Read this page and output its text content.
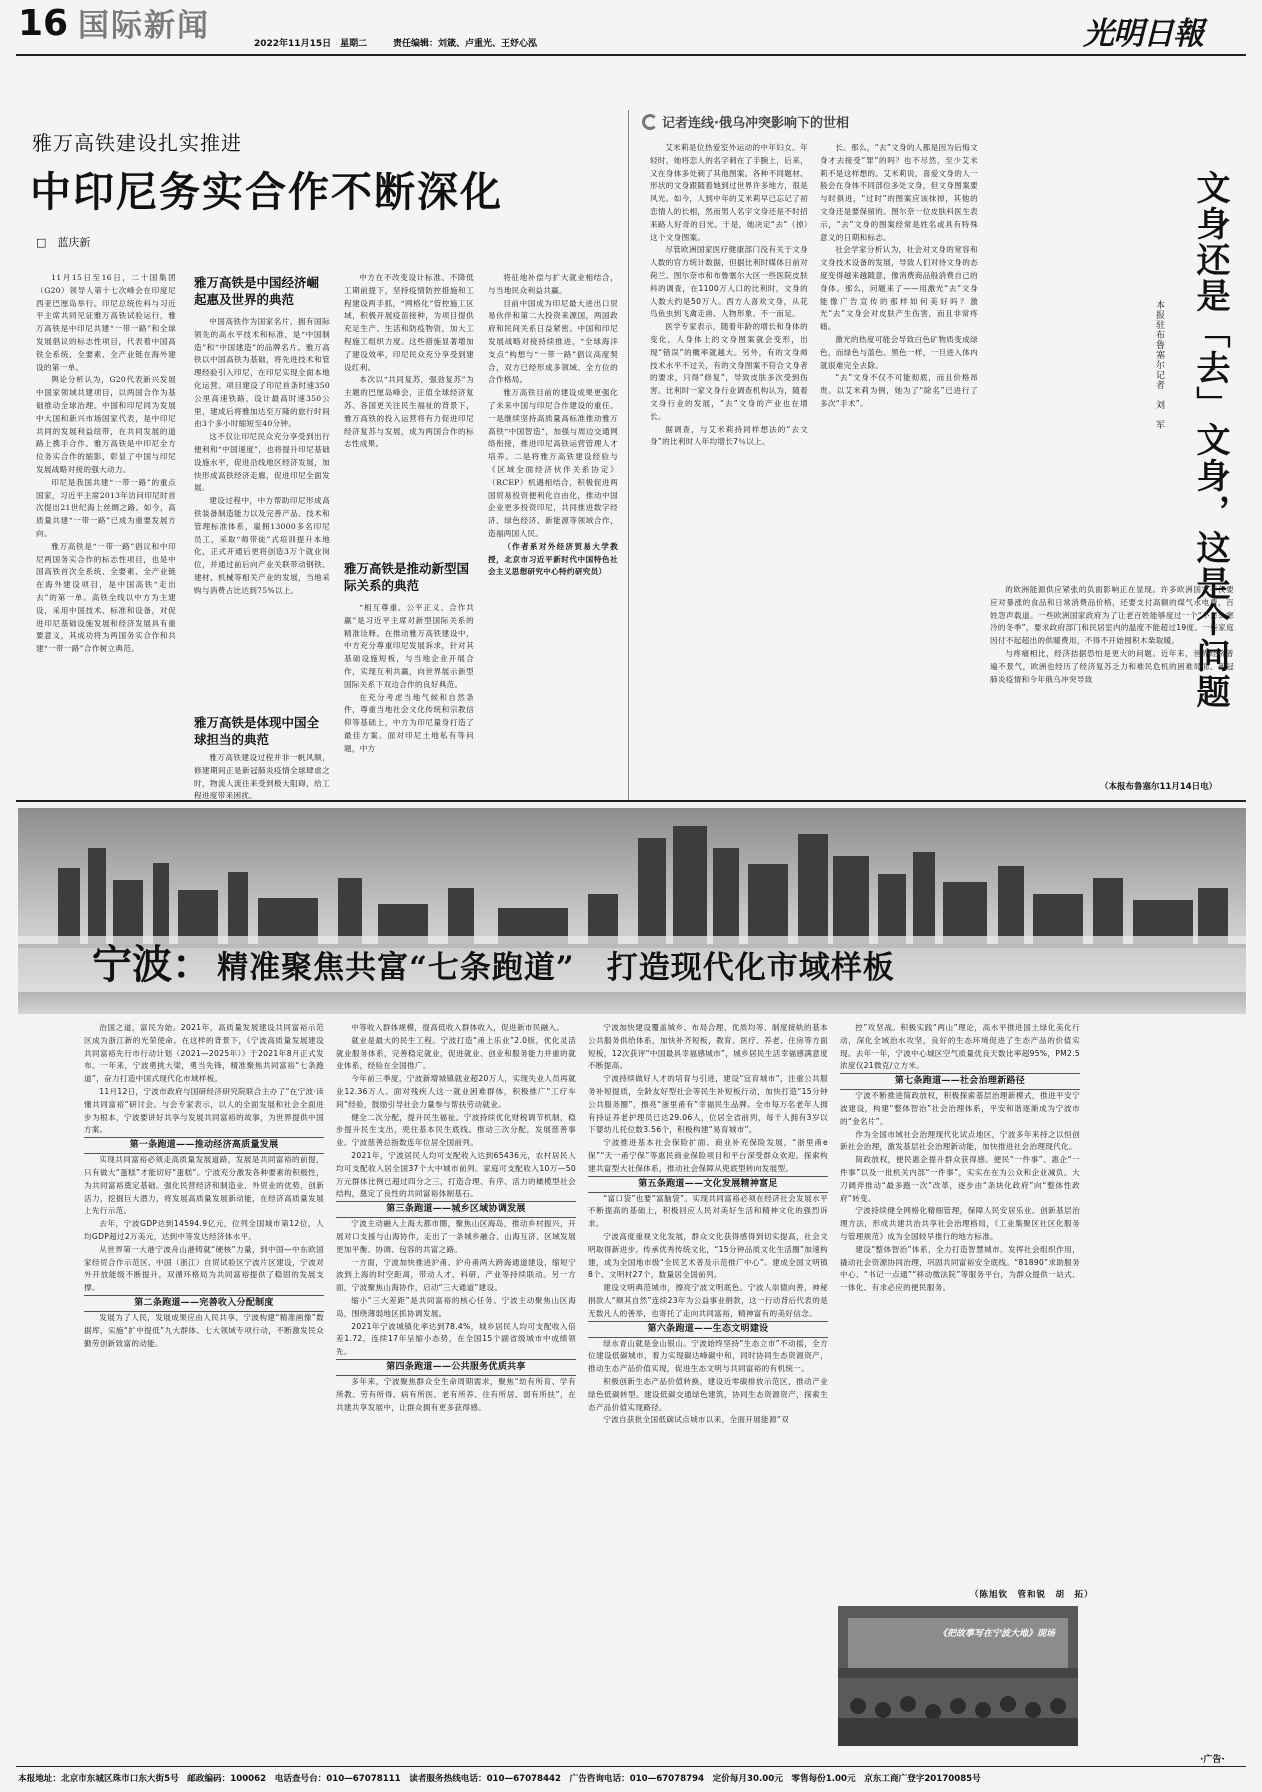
16 国际新闻	2022年11月15日　星期二	责任编辑：刘箴、卢重光、王妤心泓	光明日報
雅万高铁建设扎实推进
中印尼务实合作不断深化
□　蓝庆新

11月15日至16日，二十国集团（G20）领导人第十七次峰会在印度尼西亚巴厘岛举行。印尼总统佐科与习近平主席共同见证雅万高铁试验运行，雅万高铁是中印尼共建“一带一路”和全球发展倡议的标志性项目，代表着中国高铁全系统、全要素、全产业链在海外建设的第一单。

舆论分析认为，G20代表新兴发展中国家领域共建项目，以两国合作为基础推动全球治理。中国和印尼同为发展中大国和新兴市场国家代表，是中印尼共同的发展利益纽带，在共同发展的道路上携手合作。雅万高铁是中印尼全方位务实合作的缩影，彰显了中国与印尼发展战略对接的强大动力。

印尼是我国共建“一带一路”的重点国家，习近平主席2013年访问印尼时首次提出21世纪海上丝绸之路。如今，高质量共建“一带一路”已成为重要发展方向。

雅万高铁是“一带一路”倡议和中印尼两国务实合作的标志性项目，也是中国高铁首次全系统、全要素、全产业链在海外建设项目，是中国高铁“走出去”的第一单。高铁全线以中方为主建设，采用中国技术、标准和设备，对促进印尼基础设施发展和经济发展具有重要意义，其成功将为两国务实合作和共建“一带一路”合作树立典范。

雅万高铁是中国经济崛起惠及世界的典范

中国高铁作为国家名片，拥有国际领先的高水平技术和标准，是“中国制造”和“中国建造”的品牌名片。雅万高铁以中国高铁为基础，将先进技术和管理经验引入印尼，在印尼实现全面本地化运营。项目建设了印尼首条时速350公里高速铁路，设计最高时速350公里，建成后将雅加达至万隆的旅行时间由3个多小时缩短至40分钟。

这不仅让印尼民众充分享受到出行便利和“中国速度”，也将提升印尼基础设施水平，促进沿线地区经济发展，加快形成高铁经济走廊，促进印尼全面发展。

建设过程中，中方帮助印尼形成高铁装备制造能力以及完善产品、技术和管理标准体系，雇佣13000多名印尼员工，采取“师带徒”式培训提升本地化，正式开通后更将创造3万个就业岗位，并通过前后向产业关联带动钢铁、建材、机械等相关产业的发展，当地采购与消费占比达到75%以上。

雅万高铁是体现中国全球担当的典范

雅万高铁建设过程并非一帆风顺，修建期间正是新冠肺炎疫情全球肆虐之时，物流人流往来受到极大阻碍，给工程进度带来困扰。

中方在不改变设计标准、不降低工期前提下，坚持疫情防控措施和工程建设两手抓，“网格化”管控施工区域，积极开展疫苗接种，为项目提供充足生产、生活和防疫物资，加大工程施工组织力度。这些措施显著增加了建设效率，印尼民众充分享受到建设红利。

本次以“共同复苏，强劲复苏”为主题的巴厘岛峰会，正值全球经济复苏、各国更关注民生福祉的背景下，雅万高铁的投入运营将有力促进印尼经济复苏与发展，成为两国合作的标志性成果。

雅万高铁是推动新型国际关系的典范

“相互尊重、公平正义、合作共赢”是习近平主席对新型国际关系的精准诠释。在推动雅万高铁建设中，中方充分尊重印尼发展诉求，针对其基础设施短板，与当地企业开展合作，实现互利共赢，向世界展示新型国际关系下双边合作的良好典范。

在充分考虑当地气候和自然条件，尊重当地社会文化传统和宗教信仰等基础上，中方为印尼量身打造了最佳方案。面对印尼土地私有等问题，中方

将征地补偿与扩大就业相结合，与当地民众利益共赢。

目前中国成为印尼最大进出口贸易伙伴和第二大投资来源国，两国政府和民间关系日益紧密。中国和印尼发展战略对接持续推进，“全球海洋支点”构想与“一带一路”倡议高度契合，双方已经形成多领域、全方位的合作格局。

雅万高铁目前的建设成果更强化了未来中国与印尼合作建设的重任。一是继续坚持高质量高标准推动雅万高铁“中国智造”，加强与周边交通网络衔接，推进印尼高铁运营管理人才培养。二是将雅万高铁建设经验与《区域全面经济伙伴关系协定》（RCEP）机遇相结合，积极促进两国贸易投资便利化自由化，推动中国企业更多投资印尼，共同推进数字经济、绿色经济、新能源等领域合作，造福两国人民。

（作者系对外经济贸易大学教授，北京市习近平新时代中国特色社会主义思想研究中心特约研究员）

记者连线·俄乌冲突影响下的世相

艾米莉是位热爱室外运动的中年妇女。年轻时，她将恋人的名字刺在了手腕上，后来，又在身体多处刺了其他图案。各种不同题材、形状的文身跟随着她到过世界许多地方，很是风光。如今，人到中年的艾米莉早已忘记了初恋情人的长相，然而男人名字文身还是不时招来路人好奇的目光。于是，她决定“去”（掉）这个文身图案。

尽管欧洲国家医疗健康部门没有关于文身人数的官方统计数据，但据比利时媒体日前对荷兰、图尔奈市和布鲁塞尔大区一些医院皮肤科的调查，在1100万人口的比利时，文身的人数大约是50万人。西方人喜欢文身，从花鸟鱼虫到飞禽走兽、人物形象、不一而足。

医学专家表示，随着年龄的增长和身体的变化，人身体上的文身图案就会变形，出现“错误”的概率就越大。另外，有的文身师技术水平不过关，有的文身图案不符合文身者的要求，只得“修复”，导致皮肤多次受到伤害。比利时一家文身行业调查机构认为，随着文身行业的发展，“去”文身的产业也在增长。

据调查，与艾米莉持同样想法的“去文身”的比利时人年均增长7％以上。

长。那么，“去”文身的人都是因为后悔文身才去接受“罪”的吗？也不尽然，至少艾米莉不是这样想的。艾米莉说，喜爱文身的人一般会在身体不同部位多处文身，但文身图案要与时俱进，“过时”的图案应该抹掉，其他的文身还是要保留的。图尔奈一位皮肤科医生表示，“去”文身的图案经常是姓名或具有特殊意义的日期和标志。

社会学家分析认为，社会对文身的宽容和文身技术设备的发展，导致人们对待文身的态度变得越来越随意，像消费商品般消费自己的身体。那么，问题来了——用激光“去”文身能像广告宣传的那样如何美好吗？激光“去”文身会对皮肤产生伤害，而且非常疼痛。

激光的热度可能会导致白色矿物质变成绿色，而绿色与蓝色、黑色一样，一旦进入体内就很难完全去除。

“去”文身不仅不可能彻底，而且价格昂贵。以艾米莉为例，她为了“除名”已进行了多次“手术”。	文身还是「去」文身，这是个问题
本报驻布鲁塞尔记者　刘　军

的欧洲能源供应紧张的负面影响正在显现。许多欧洲国家不仅要应对暴涨的食品和日常消费品价格，还要支付高额的煤气水电费，百姓怨声载道。一些欧洲国家政府为了让老百姓能够度过一个“不怎么寒冷的冬季”，要求政府部门和民居室内的温度不能超过19度。一些家庭因付不起超出的供暖费用，不得不开始囤积木柴取暖。

与疼痛相比，经济拮据恐怕是更大的问题。近年来，世界经济普遍不景气，欧洲也经历了经济复苏乏力和难民危机的困难局面。新冠肺炎疫情和今年俄乌冲突导致

（本报布鲁塞尔11月14日电）
宁波： 精准聚焦共富“七条跑道”　打造现代化市域样板

治国之道，富民为始。2021年，高质量发展建设共同富裕示范区成为浙江新的光荣使命。在这样的背景下，《宁波高质量发展建设共同富裕先行市行动计划（2021—2025年）》于2021年8月正式发布。一年来，宁波勇挑大梁，勇当先锋，精准聚焦共同富裕“七条跑道”，奋力打造中国式现代化市域样板。

11月12日，宁波市政府与国研经济研究院联合主办了“在宁波·读懂共同富裕”研讨会。与会专家表示，以人的全面发展和社会全面进步为根本，宁波要讲好共享与发展共同富裕的故事，为世界提供中国方案。

第一条跑道——推动经济高质量发展

实现共同富裕必须走高质量发展道路，发展是共同富裕的前提，只有做大“蛋糕”才能切好“蛋糕”。宁波充分激发各种要素的积极性，为共同富裕奠定基础。强化民营经济和制造业、外贸业的优势，创新活力，挖掘巨大潜力，将发展高质量发展新动能，在经济高质量发展上先行示范。

去年，宁波GDP达到14594.9亿元，位列全国城市第12位，人均GDP超过2万美元，达到中等发达经济体水平。

从世界第一大港宁波舟山港铸就“硬核”力量，到中国—中东欧国家经贸合作示范区、中国（浙江）自贸试验区宁波片区建设，宁波对外开放能级不断提升，双循环格局为共同富裕提供了稳固的发展支撑。

第二条跑道——完善收入分配制度

发展为了人民，发展成果应由人民共享。宁波构建“精准画像”数据库，实施“扩中提低”九大群体、七大领域专项行动，不断激发民众勤劳创新致富的动能。

中等收入群体规模，提高低收入群体收入，促进新市民融入。

就业是最大的民生工程。宁波打造“甬上乐业”2.0版，优化灵活就业服务体系，完善稳定就业，促进就业、创业和服务能力并重的就业体系，经验在全国推广。

今年前三季度，宁波新增城镇就业超20万人，实现失业人员再就业12.36万人。面对残疾人这一就业困难群体，积极推广“工疗车间”经验，鼓励引导社会力量参与帮扶劳动就业。

健全二次分配，提升民生福祉。宁波持续优化财税调节机制，稳步提升民生支出，兜住基本民生底线。推动三次分配，发展慈善事业。宁波慈善总指数连年位居全国前列。

2021年，宁波居民人均可支配收入达到65436元，农村居民人均可支配收入居全国37个大中城市前列。家庭可支配收入10万—50万元群体比例已超过四分之三，打造合理、有序、活力的橄榄型社会结构，奠定了良性的共同富裕体制基石。

第三条跑道——城乡区域协调发展

宁波主动融入上海大都市圈，聚焦山区海岛，推动乡村振兴，开展对口支援与山海协作，走出了一条城乡融合、山海互济、区域发展更加平衡、协调、包容的共富之路。

一方面，宁波加快推进沪甬、沪舟甬两大跨海通道建设，缩短宁波到上海的时空距离，带动人才、科研、产业等持续联动。另一方面，宁波聚焦山海协作，启动“三大通道”建设。

缩小“三大差距”是共同富裕的核心任务。宁波主动聚焦山区海岛，围绕薄弱地区抓协调发展。

2021年宁波城镇化率达到78.4%，城乡居民人均可支配收入倍差1.72，连续17年呈缩小态势，在全国15个副省级城市中成绩领先。

第四条跑道——公共服务优质共享

多年来，宁波聚焦群众全生命周期需求，聚焦“幼有所育、学有所教、劳有所得、病有所医、老有所养、住有所居、弱有所扶”，在共建共享发展中，让群众拥有更多获得感。

宁波加快建设覆盖城乡、布局合理、优质均等、制度接轨的基本公共服务供给体系，加快补齐短板，教育、医疗、养老、住房等方面短板，12次获评“中国最具幸福感城市”，城乡居民生活幸福感满意度不断提高。

宁波持续做好人才的培育与引进，建设“宜育城市”，注重公共服务补短提质，全龄友好型社会等民生补短板行动，加快打造“15分钟公共服务圈”，擦亮“浙里甬有”幸福民生品牌。全市每万名老年人拥有持证养老护理员已达29.06人，位居全省前列，每千人拥有3岁以下婴幼儿托位数3.56个，积极构建“易育城市”。

宁波推进基本社会保险扩面、商业补充保险发展，“浙里甬e保”“天一甬宁保”等惠民商业保险项目和平台深受群众欢迎。探索构建共富型大社保体系，推动社会保障从兜底型转向发展型。

第五条跑道——文化发展精神富足

“富口袋”也要“富脑袋”。实现共同富裕必须在经济社会发展水平不断提高的基础上，积极回应人民对美好生活和精神文化的强烈诉求。

宁波高度重视文化发展，群众文化获得感得到切实提高，社会文明取得新进步。传承优秀传统文化，“15分钟品质文化生活圈”加速构建，成为全国地市级“全民艺术普及示范推广中心”。建成全国文明镇8个、文明村27个，数量居全国前列。

建设文明典范城市，擦亮宁波文明底色。宁波人崇德向善，神秘捐款人“顺其自然”连续23年为公益事业捐款，这一行动背后代表的是无数凡人的善举，也寄托了走向共同富裕，精神富有的美好信念。

第六条跑道——生态文明建设

绿水青山就是金山银山。宁波始终坚持“生态立市”不动摇，全方位建设低碳城市，着力实现碳达峰碳中和，同时协同生态资源资产，推动生态产品价值实现，促进生态文明与共同富裕的有机统一。

积极创新生态产品价值转换，建设近零碳排放示范区，推动产业绿色低碳转型。建设低碳交通绿色建筑，协同生态资源资产，探索生态产品价值实现路径。

宁波自获批全国低碳试点城市以来，全面开展能源“双

控”攻坚战。积极实践“两山”理论，高水平推进国土绿化美化行动，深化全域治水攻坚，良好的生态环境促进了生态产品的价值实现。去年一年，宁波中心城区空气质量优良天数比率超95%，PM2.5浓度仅21微克/立方米。

第七条跑道——社会治理新路径

宁波不断推进简政放权，积极探索基层治理新模式，推进平安宁波建设，构建“整体智治”社会治理体系，平安和谐逐渐成为宁波市的“金名片”。

作为全国市域社会治理现代化试点地区，宁波多年来持之以恒创新社会治理，激发基层社会治理新动能，加快推进社会治理现代化。

简政放权，便民惠企提升群众获得感。便民“一件事”、惠企“一件事”以及一批机关内部“一件事”，实实在在为公众和企业减负。大刀阔斧推动“最多跑一次”改革，逐步由“条块化政府”向“整体性政府”转变。

宁波持续健全网格化精细管理，保障人民安居乐业。创新基层治理方法，形成共建共治共享社会治理格局，《工业集聚区社区化服务与管理规范》成为全国较早推行的地方标准。

建设“整体智治”体系，全力打造智慧城市。发挥社会组织作用，撬动社会资源协同治理，巩固共同富裕安全底线。“81890”求助服务中心、“书记一点通”“移动微法院”等服务平台，为群众提供一站式、一体化、有求必应的便民服务。

（陈旭钦　管和锐　胡　拓）
《把故事写在宁波大地》现场
·广告·
本报地址：北京市东城区珠市口东大街5号　邮政编码：100062　电话查号台：010—67078111　读者服务热线电话：010—67078442　广告咨询电话：010—67078794　定价每月30.00元　零售每份1.00元　京东工商广登字20170085号
